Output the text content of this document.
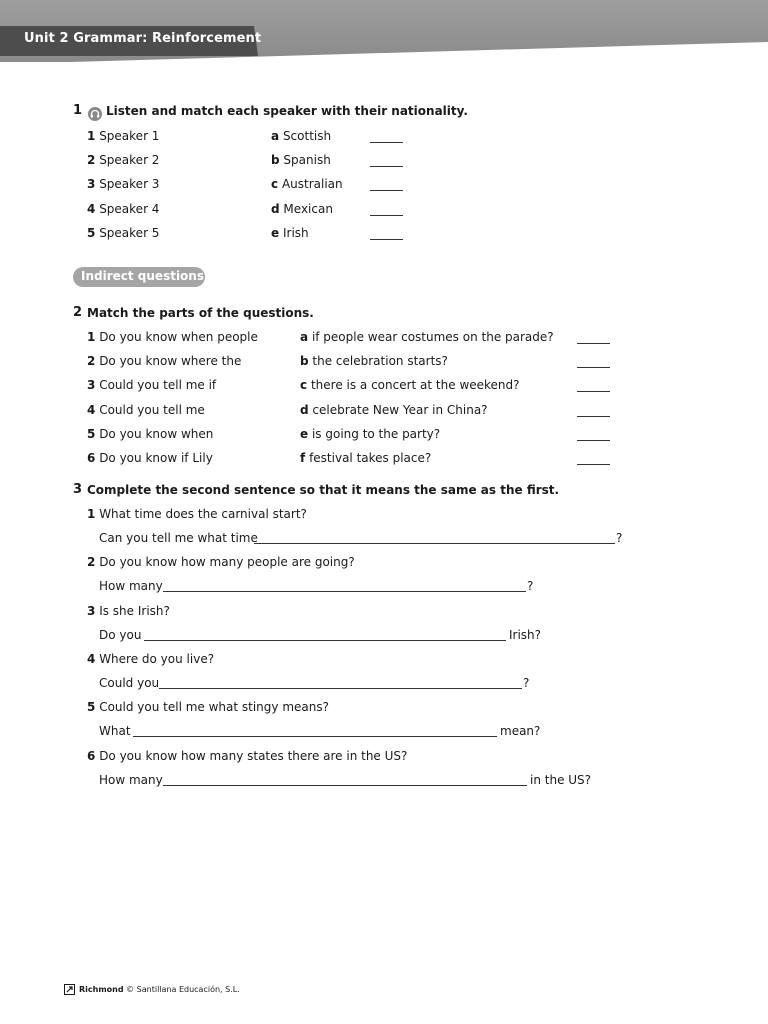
Unit 2 Grammar: Reinforcement
1 Listen and match each speaker with their nationality.
1 Speaker 1	a Scottish
2 Speaker 2	b Spanish
3 Speaker 3	c Australian
4 Speaker 4	d Mexican
5 Speaker 5	e Irish
Indirect questions
2 Match the parts of the questions.
1 Do you know when people	a if people wear costumes on the parade?
2 Do you know where the	b the celebration starts?
3 Could you tell me if	c there is a concert at the weekend?
4 Could you tell me	d celebrate New Year in China?
5 Do you know when	e is going to the party?
6 Do you know if Lily	f festival takes place?
3 Complete the second sentence so that it means the same as the first.
1 What time does the carnival start?
Can you tell me what time	?
2 Do you know how many people are going?
How many	?
3 Is she Irish?
Do you	Irish?
4 Where do you live?
Could you	?
5 Could you tell me what stingy means?
What	mean?
6 Do you know how many states there are in the US?
How many	in the US?
Richmond © Santillana Educación, S.L.
